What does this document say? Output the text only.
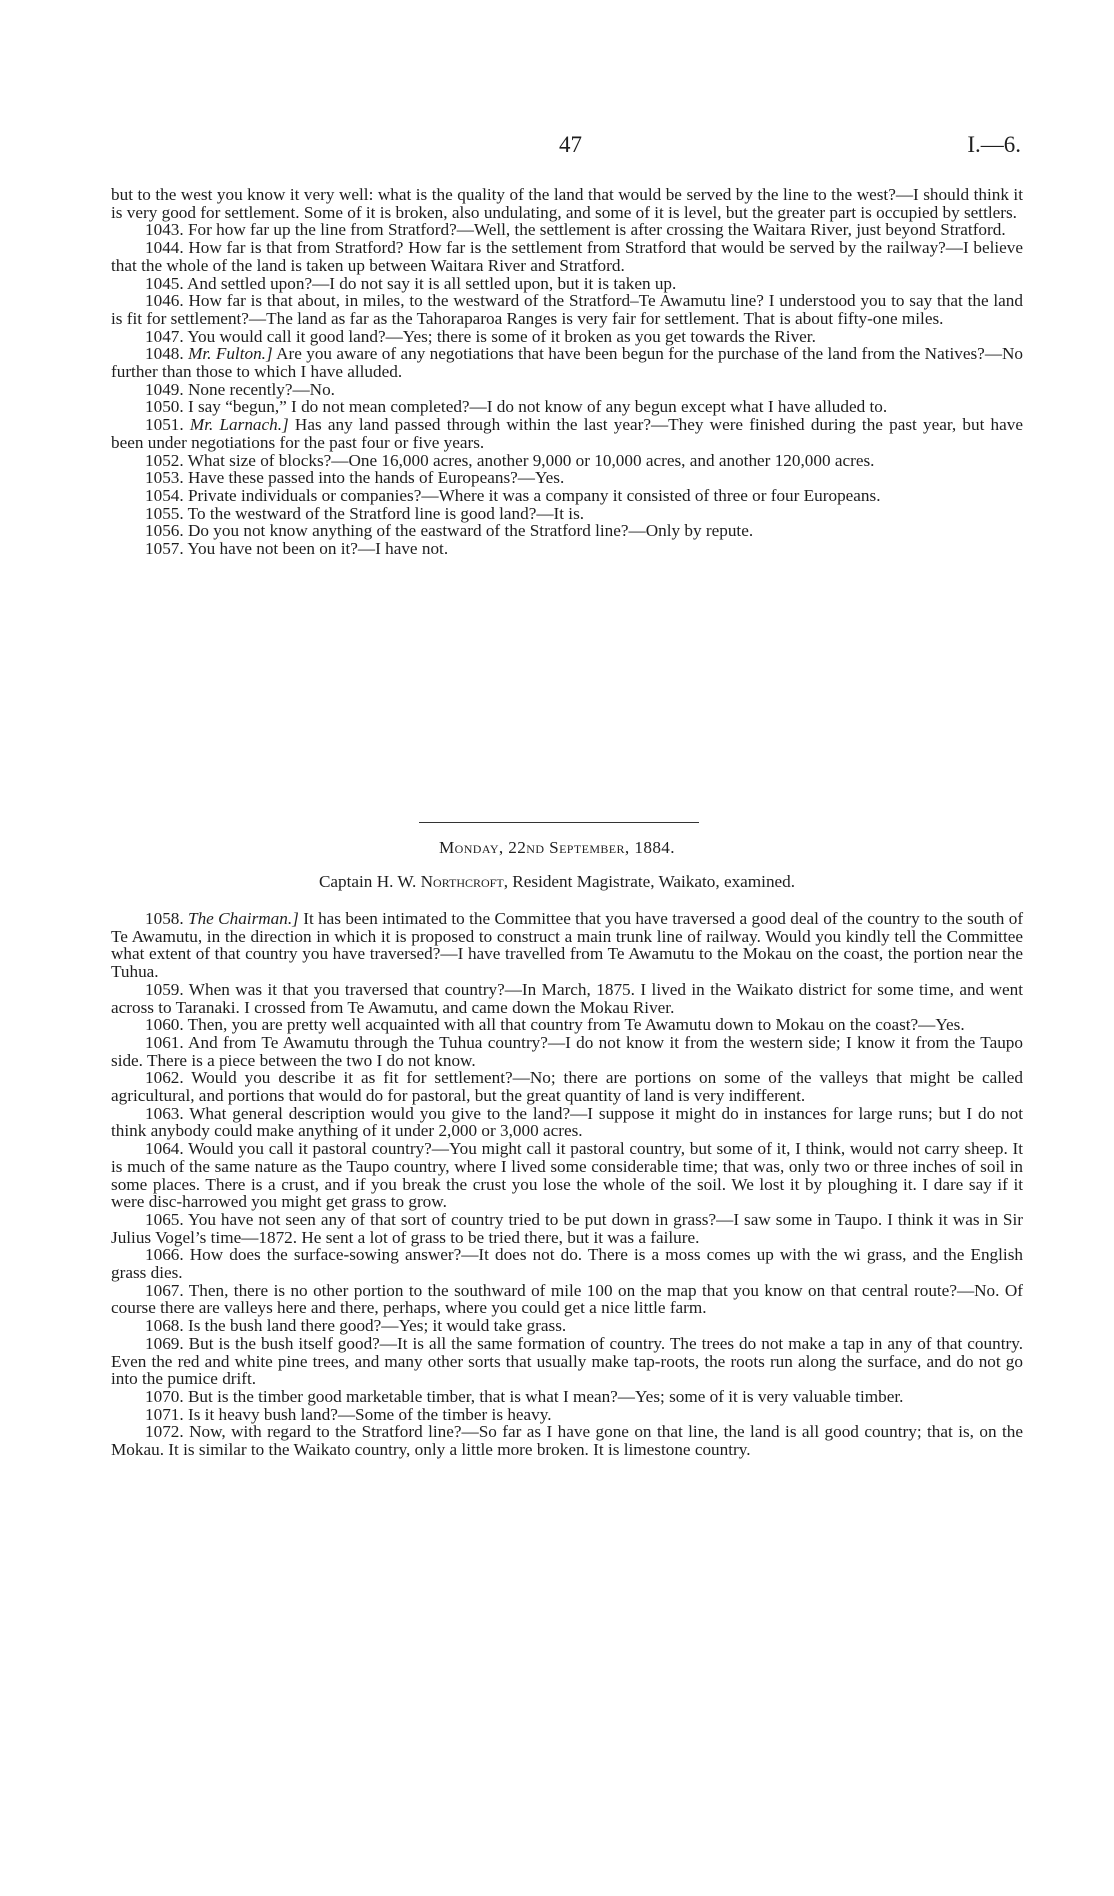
47	I.—6.

but to the west you know it very well: what is the quality of the land that would be served by the line to the west?—I should think it is very good for settlement. Some of it is broken, also undulating, and some of it is level, but the greater part is occupied by settlers.

1043. For how far up the line from Stratford?—Well, the settlement is after crossing the Waitara River, just beyond Stratford.

1044. How far is that from Stratford? How far is the settlement from Stratford that would be served by the railway?—I believe that the whole of the land is taken up between Waitara River and Stratford.

1045. And settled upon?—I do not say it is all settled upon, but it is taken up.

1046. How far is that about, in miles, to the westward of the Stratford–Te Awamutu line? I understood you to say that the land is fit for settlement?—The land as far as the Tahoraparoa Ranges is very fair for settlement. That is about fifty-one miles.

1047. You would call it good land?—Yes; there is some of it broken as you get towards the River.

1048. Mr. Fulton.] Are you aware of any negotiations that have been begun for the purchase of the land from the Natives?—No further than those to which I have alluded.

1049. None recently?—No.

1050. I say “begun,” I do not mean completed?—I do not know of any begun except what I have alluded to.

1051. Mr. Larnach.] Has any land passed through within the last year?—They were finished during the past year, but have been under negotiations for the past four or five years.

1052. What size of blocks?—One 16,000 acres, another 9,000 or 10,000 acres, and another 120,000 acres.

1053. Have these passed into the hands of Europeans?—Yes.

1054. Private individuals or companies?—Where it was a company it consisted of three or four Europeans.

1055. To the westward of the Stratford line is good land?—It is.

1056. Do you not know anything of the eastward of the Stratford line?—Only by repute.

1057. You have not been on it?—I have not.

Monday, 22nd September, 1884.
Captain H. W. Northcroft, Resident Magistrate, Waikato, examined.

1058. The Chairman.] It has been intimated to the Committee that you have traversed a good deal of the country to the south of Te Awamutu, in the direction in which it is proposed to construct a main trunk line of railway. Would you kindly tell the Committee what extent of that country you have traversed?—I have travelled from Te Awamutu to the Mokau on the coast, the portion near the Tuhua.

1059. When was it that you traversed that country?—In March, 1875. I lived in the Waikato district for some time, and went across to Taranaki. I crossed from Te Awamutu, and came down the Mokau River.

1060. Then, you are pretty well acquainted with all that country from Te Awamutu down to Mokau on the coast?—Yes.

1061. And from Te Awamutu through the Tuhua country?—I do not know it from the western side; I know it from the Taupo side. There is a piece between the two I do not know.

1062. Would you describe it as fit for settlement?—No; there are portions on some of the valleys that might be called agricultural, and portions that would do for pastoral, but the great quantity of land is very indifferent.

1063. What general description would you give to the land?—I suppose it might do in instances for large runs; but I do not think anybody could make anything of it under 2,000 or 3,000 acres.

1064. Would you call it pastoral country?—You might call it pastoral country, but some of it, I think, would not carry sheep. It is much of the same nature as the Taupo country, where I lived some considerable time; that was, only two or three inches of soil in some places. There is a crust, and if you break the crust you lose the whole of the soil. We lost it by ploughing it. I dare say if it were disc-harrowed you might get grass to grow.

1065. You have not seen any of that sort of country tried to be put down in grass?—I saw some in Taupo. I think it was in Sir Julius Vogel’s time—1872. He sent a lot of grass to be tried there, but it was a failure.

1066. How does the surface-sowing answer?—It does not do. There is a moss comes up with the wi grass, and the English grass dies.

1067. Then, there is no other portion to the southward of mile 100 on the map that you know on that central route?—No. Of course there are valleys here and there, perhaps, where you could get a nice little farm.

1068. Is the bush land there good?—Yes; it would take grass.

1069. But is the bush itself good?—It is all the same formation of country. The trees do not make a tap in any of that country. Even the red and white pine trees, and many other sorts that usually make tap-roots, the roots run along the surface, and do not go into the pumice drift.

1070. But is the timber good marketable timber, that is what I mean?—Yes; some of it is very valuable timber.

1071. Is it heavy bush land?—Some of the timber is heavy.

1072. Now, with regard to the Stratford line?—So far as I have gone on that line, the land is all good country; that is, on the Mokau. It is similar to the Waikato country, only a little more broken. It is limestone country.
